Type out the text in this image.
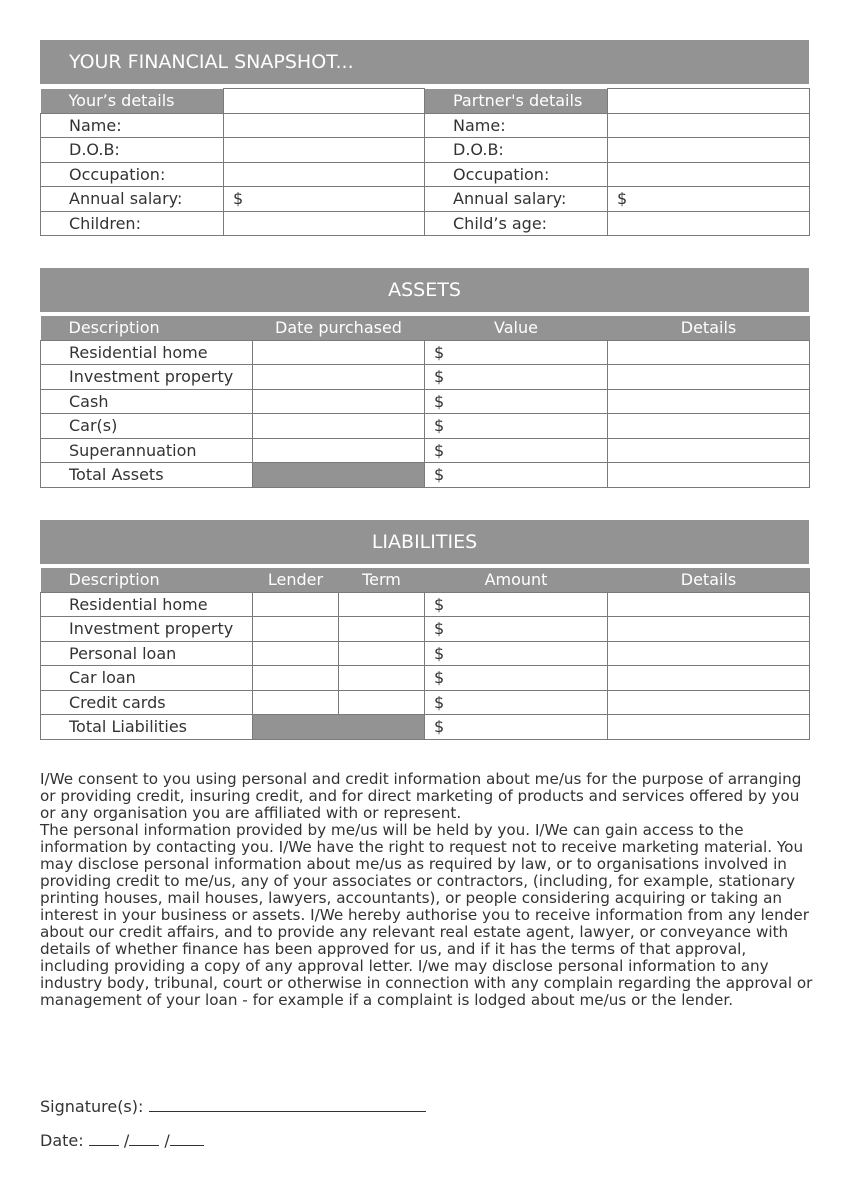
YOUR FINANCIAL SNAPSHOT...
Your’s details		Partner's details	
Name:		Name:	
D.O.B:		D.O.B:	
Occupation:		Occupation:	
Annual salary:	$	Annual salary:	$
Children:		Child’s age:	
ASSETS
Description	Date purchased	Value	Details
Residential home		$	
Investment property		$	
Cash		$	
Car(s)		$	
Superannuation		$	
Total Assets		$	
LIABILITIES
Description	Lender	Term	Amount	Details
Residential home			$	
Investment property			$	
Personal loan			$	
Car loan			$	
Credit cards			$	
Total Liabilities			$	

I/We consent to you using personal and credit information about me/us for the purpose of arranging or providing credit, insuring credit, and for direct marketing of products and services offered by you or any organisation you are affiliated with or represent.

The personal information provided by me/us will be held by you. I/We can gain access to the information by contacting you. I/We have the right to request not to receive marketing material. You may disclose personal information about me/us as required by law, or to organisations involved in providing credit to me/us, any of your associates or contractors, (including, for example, stationary printing houses, mail houses, lawyers, accountants), or people considering acquiring or taking an interest in your business or assets. I/We hereby authorise you to receive information from any lender about our credit affairs, and to provide any relevant real estate agent, lawyer, or conveyance with details of whether finance has been approved for us, and if it has the terms of that approval, including providing a copy of any approval letter. I/we may disclose personal information to any industry body, tribunal, court or otherwise in connection with any complain regarding the approval or management of your loan - for example if a complaint is lodged about me/us or the lender.

Signature(s):
Date:	/ /
